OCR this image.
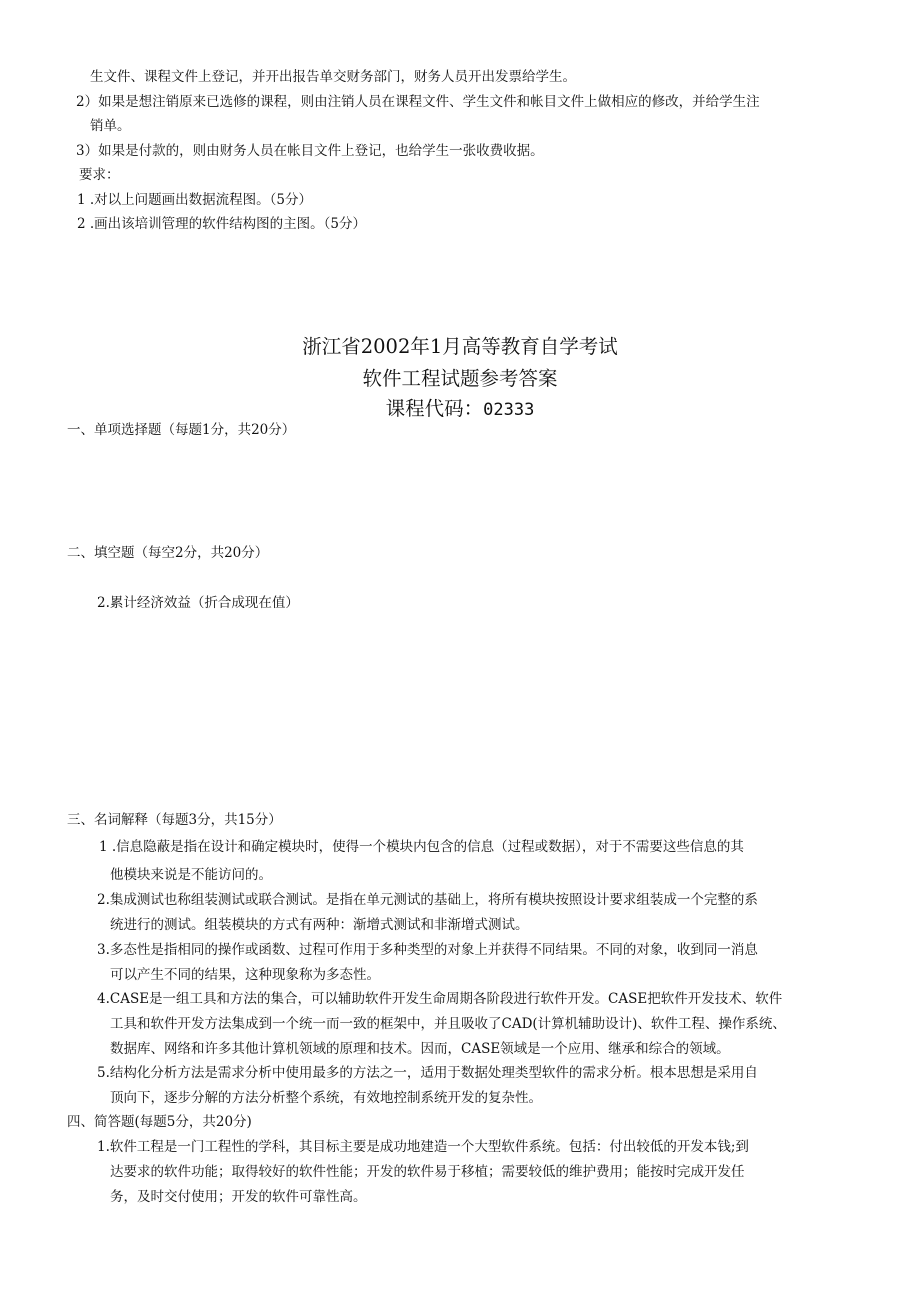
生文件、课程文件上登记，并开出报告单交财务部门，财务人员开出发票给学生。
2）如果是想注销原来已选修的课程，则由注销人员在课程文件、学生文件和帐目文件上做相应的修改，并给学生注
销单。
3）如果是付款的，则由财务人员在帐目文件上登记，也给学生一张收费收据。
要求：
1 .对以上问题画出数据流程图。（5分）
2 .画出该培训管理的软件结构图的主图。（5分）
浙江省2002年1月高等教育自学考试
软件工程试题参考答案
课程代码：02333
一、单项选择题（每题1分，共20分）
二、填空题（每空2分，共20分）
2.累计经济效益（折合成现在值）
三、名词解释（每题3分，共15分）
1 .信息隐蔽是指在设计和确定模块时，使得一个模块内包含的信息（过程或数据），对于不需要这些信息的其
他模块来说是不能访问的。
2.集成测试也称组装测试或联合测试。是指在单元测试的基础上，将所有模块按照设计要求组装成一个完整的系
统进行的测试。组装模块的方式有两种：渐增式测试和非渐增式测试。
3.多态性是指相同的操作或函数、过程可作用于多种类型的对象上并获得不同结果。不同的对象，收到同一消息
可以产生不同的结果，这种现象称为多态性。
4.CASE是一组工具和方法的集合，可以辅助软件开发生命周期各阶段进行软件开发。CASE把软件开发技术、软件
工具和软件开发方法集成到一个统一而一致的框架中，并且吸收了CAD(计算机辅助设计)、软件工程、操作系统、
数据库、网络和许多其他计算机领域的原理和技术。因而，CASE领域是一个应用、继承和综合的领域。
5.结构化分析方法是需求分析中使用最多的方法之一，适用于数据处理类型软件的需求分析。根本思想是采用自
顶向下，逐步分解的方法分析整个系统，有效地控制系统开发的复杂性。
四、简答题(每题5分，共20分)
1.软件工程是一门工程性的学科，其目标主要是成功地建造一个大型软件系统。包括：付出较低的开发本钱;到
达要求的软件功能；取得较好的软件性能；开发的软件易于移植；需要较低的维护费用；能按时完成开发任
务，及时交付使用；开发的软件可靠性高。
